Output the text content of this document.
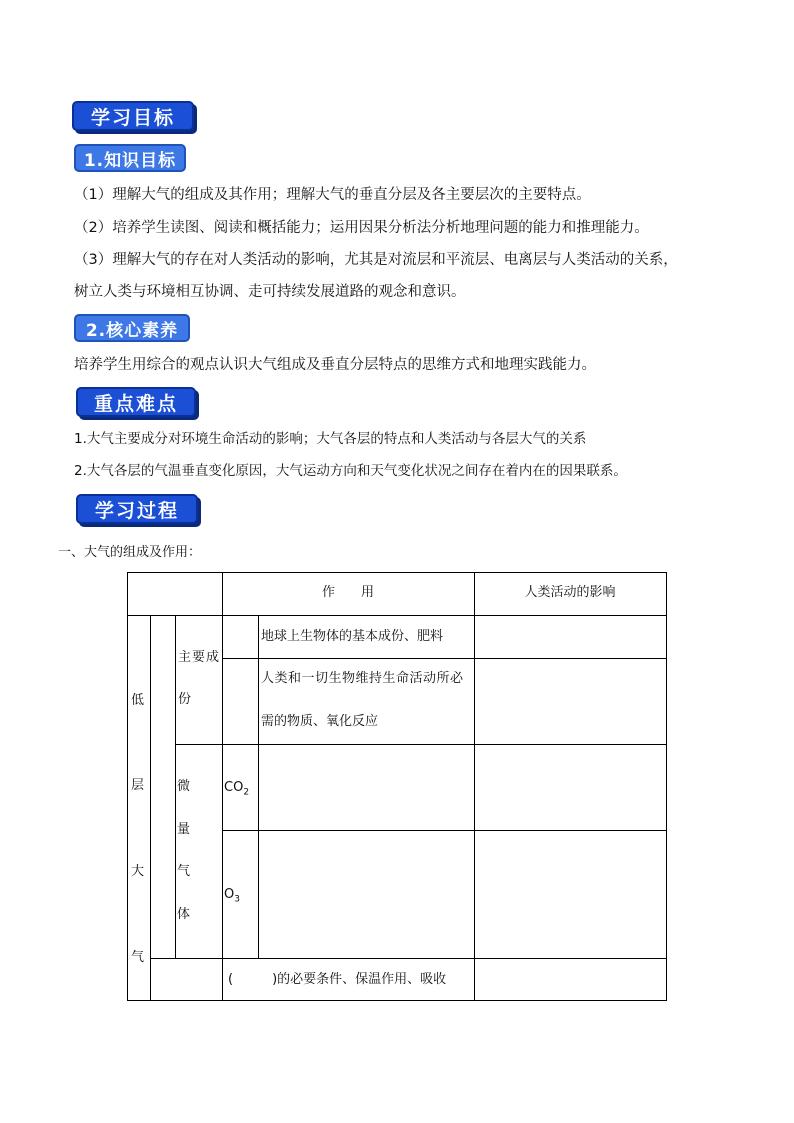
学习目标
1.知识目标
（1）理解大气的组成及其作用；理解大气的垂直分层及各主要层次的主要特点。
（2）培养学生读图、阅读和概括能力；运用因果分析法分析地理问题的能力和推理能力。
（3）理解大气的存在对人类活动的影响，尤其是对流层和平流层、电离层与人类活动的关系，
树立人类与环境相互协调、走可持续发展道路的观念和意识。
2.核心素养
培养学生用综合的观点认识大气组成及垂直分层特点的思维方式和地理实践能力。
重点难点
1.大气主要成分对环境生命活动的影响；大气各层的特点和人类活动与各层大气的关系
2.大气各层的气温垂直变化原因，大气运动方向和天气变化状况之间存在着内在的因果联系。
学习过程
一、大气的组成及作用：
作　　用	人类活动的影响
低
层
大
气
主要成
份
地球上生物体的基本成份、肥料
人类和一切生物维持生命活动所必
需的物质、氧化反应
微
量
气
体
$CO_2$
$O_3$
(　　　)的必要条件、保温作用、吸收
